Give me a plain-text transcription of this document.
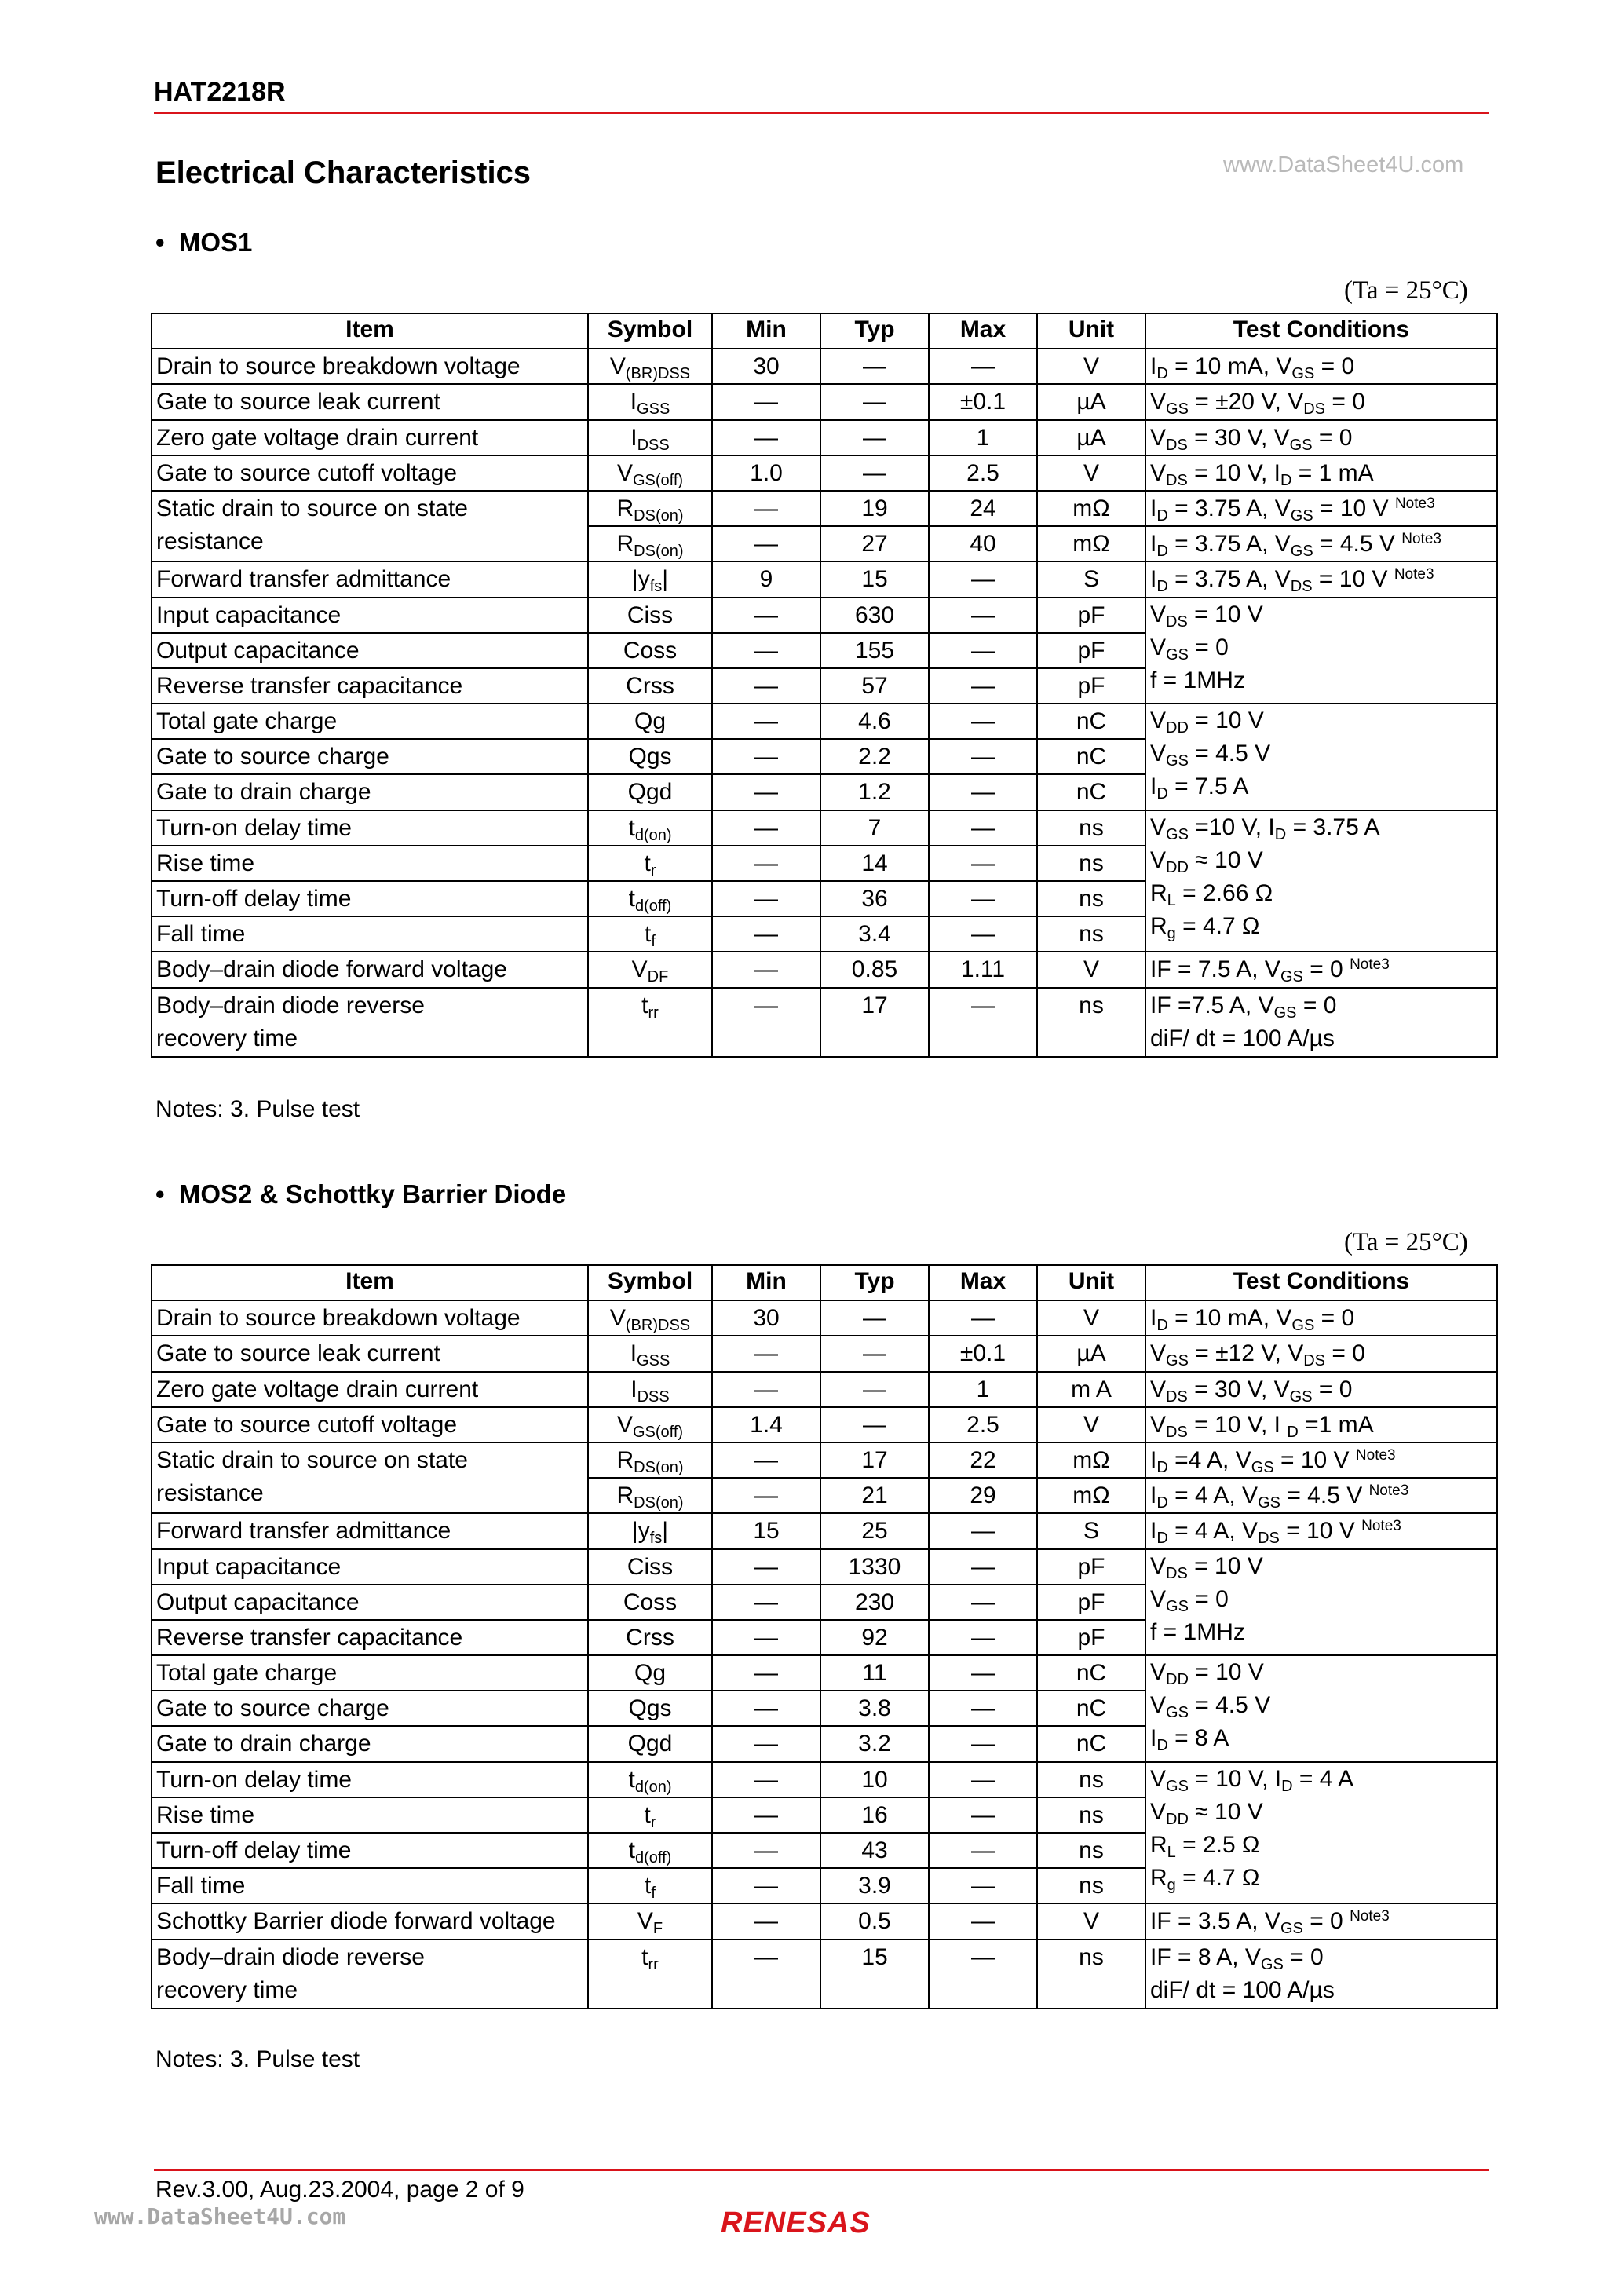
HAT2218R
Electrical Characteristics	www.DataSheet4U.com
•  MOS1
(Ta = 25°C)
Item	Symbol	Min	Typ	Max	Unit	Test Conditions
Drain to source breakdown voltage	$V_{(BR)DSS}$	30	—	—	V	$I_D = 10$ mA, $V_{GS} = 0$
Gate to source leak current	$I_{GSS}$	—	—	±0.1	µA	$V_{GS} = \pm 20$ V, $V_{DS} = 0$
Zero gate voltage drain current	$I_{DSS}$	—	—	1	µA	$V_{DS} = 30$ V, $V_{GS} = 0$
Gate to source cutoff voltage	$V_{GS(off)}$	1.0	—	2.5	V	$V_{DS} = 10$ V, $I_D = 1$ mA
Static drain to source on state
resistance	$R_{DS(on)}$	—	19	24	mΩ	$I_D = 3.75$ A, $V_{GS} = 10$ V $^{Note3}$
	$R_{DS(on)}$	—	27	40	mΩ	$I_D = 3.75$ A, $V_{GS} = 4.5$ V $^{Note3}$
Forward transfer admittance	$|y_{fs}|$	9	15	—	S	$I_D = 3.75$ A, $V_{DS} = 10$ V $^{Note3}$
Input capacitance	Ciss	—	630	—	pF	$V_{DS} = 10$ V
$V_{GS} = 0$
f = 1MHz

Output capacitance	Coss	—	155	—	pF	
Reverse transfer capacitance	Crss	—	57	—	pF	
Total gate charge	Qg	—	4.6	—	nC	$V_{DD} = 10$ V
$V_{GS} = 4.5$ V
$I_D = 7.5$ A

Gate to source charge	Qgs	—	2.2	—	nC	
Gate to drain charge	Qgd	—	1.2	—	nC	
Turn-on delay time	$t_{d(on)}$	—	7	—	ns	$V_{GS} =10$ V, $I_D = 3.75$ A
$V_{DD} \approx 10$ V
$R_L = 2.66$ Ω
$R_g = 4.7$ Ω

Rise time	$t_r$	—	14	—	ns	
Turn-off delay time	$t_{d(off)}$	—	36	—	ns	
Fall time	$t_f$	—	3.4	—	ns	
Body–drain diode forward voltage	$V_{DF}$	—	0.85	1.11	V	IF = 7.5 A, $V_{GS} = 0$ $^{Note3}$
Body–drain diode reverse
recovery time	$t_{rr}$	—	17	—	ns	IF =7.5 A, $V_{GS} = 0$
diF/ dt = 100 A/µs
Notes: 3. Pulse test
•  MOS2 & Schottky Barrier Diode
(Ta = 25°C)
Item	Symbol	Min	Typ	Max	Unit	Test Conditions
Drain to source breakdown voltage	$V_{(BR)DSS}$	30	—	—	V	$I_D = 10$ mA, $V_{GS} = 0$
Gate to source leak current	$I_{GSS}$	—	—	±0.1	µA	$V_{GS} = \pm 12$ V, $V_{DS} = 0$
Zero gate voltage drain current	$I_{DSS}$	—	—	1	m A	$V_{DS} = 30$ V, $V_{GS} = 0$
Gate to source cutoff voltage	$V_{GS(off)}$	1.4	—	2.5	V	$V_{DS} = 10$ V, I $_D$ =1 mA
Static drain to source on state
resistance	$R_{DS(on)}$	—	17	22	mΩ	$I_D =4$ A, $V_{GS} = 10$ V $^{Note3}$
	$R_{DS(on)}$	—	21	29	mΩ	$I_D = 4$ A, $V_{GS} = 4.5$ V $^{Note3}$
Forward transfer admittance	$|y_{fs}|$	15	25	—	S	$I_D = 4$ A, $V_{DS} = 10$ V $^{Note3}$
Input capacitance	Ciss	—	1330	—	pF	$V_{DS} = 10$ V
$V_{GS} = 0$
f = 1MHz

Output capacitance	Coss	—	230	—	pF	
Reverse transfer capacitance	Crss	—	92	—	pF	
Total gate charge	Qg	—	11	—	nC	$V_{DD} = 10$ V
$V_{GS} = 4.5$ V
$I_D = 8$ A

Gate to source charge	Qgs	—	3.8	—	nC	
Gate to drain charge	Qgd	—	3.2	—	nC	
Turn-on delay time	$t_{d(on)}$	—	10	—	ns	$V_{GS} = 10$ V, $I_D = 4$ A
$V_{DD} \approx 10$ V
$R_L = 2.5$ Ω
$R_g = 4.7$ Ω

Rise time	$t_r$	—	16	—	ns	
Turn-off delay time	$t_{d(off)}$	—	43	—	ns	
Fall time	$t_f$	—	3.9	—	ns	
Schottky Barrier diode forward voltage	$V_F$	—	0.5	—	V	IF = 3.5 A, $V_{GS} = 0$ $^{Note3}$
Body–drain diode reverse
recovery time	$t_{rr}$	—	15	—	ns	IF = 8 A, $V_{GS} = 0$
diF/ dt = 100 A/µs
Notes: 3. Pulse test
Rev.3.00, Aug.23.2004, page 2 of 9
www.DataSheet4U.com	RENESAS
